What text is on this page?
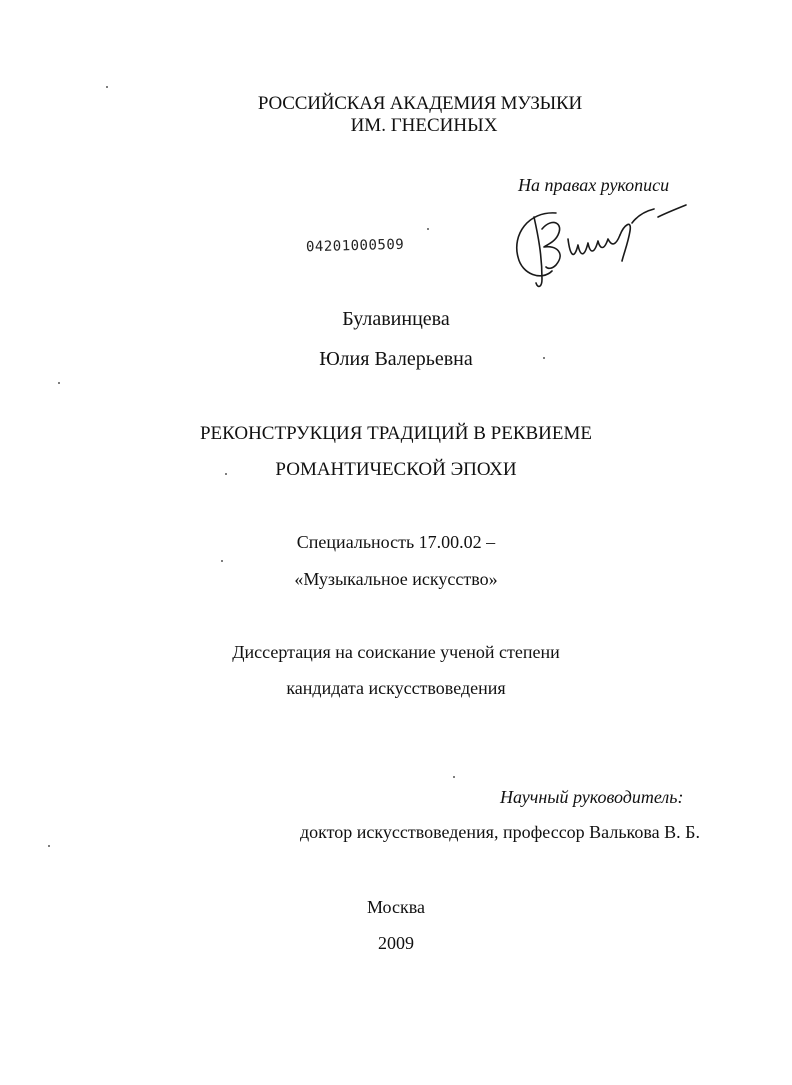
РОССИЙСКАЯ АКАДЕМИЯ МУЗЫКИ
ИМ. ГНЕСИНЫХ
На правах рукописи
04201000509
Булавинцева
Юлия Валерьевна
РЕКОНСТРУКЦИЯ ТРАДИЦИЙ В РЕКВИЕМЕ
РОМАНТИЧЕСКОЙ ЭПОХИ
Специальность 17.00.02 –
«Музыкальное искусство»
Диссертация на соискание ученой степени
кандидата искусствоведения
Научный руководитель:
доктор искусствоведения, профессор Валькова В. Б.
Москва
2009
